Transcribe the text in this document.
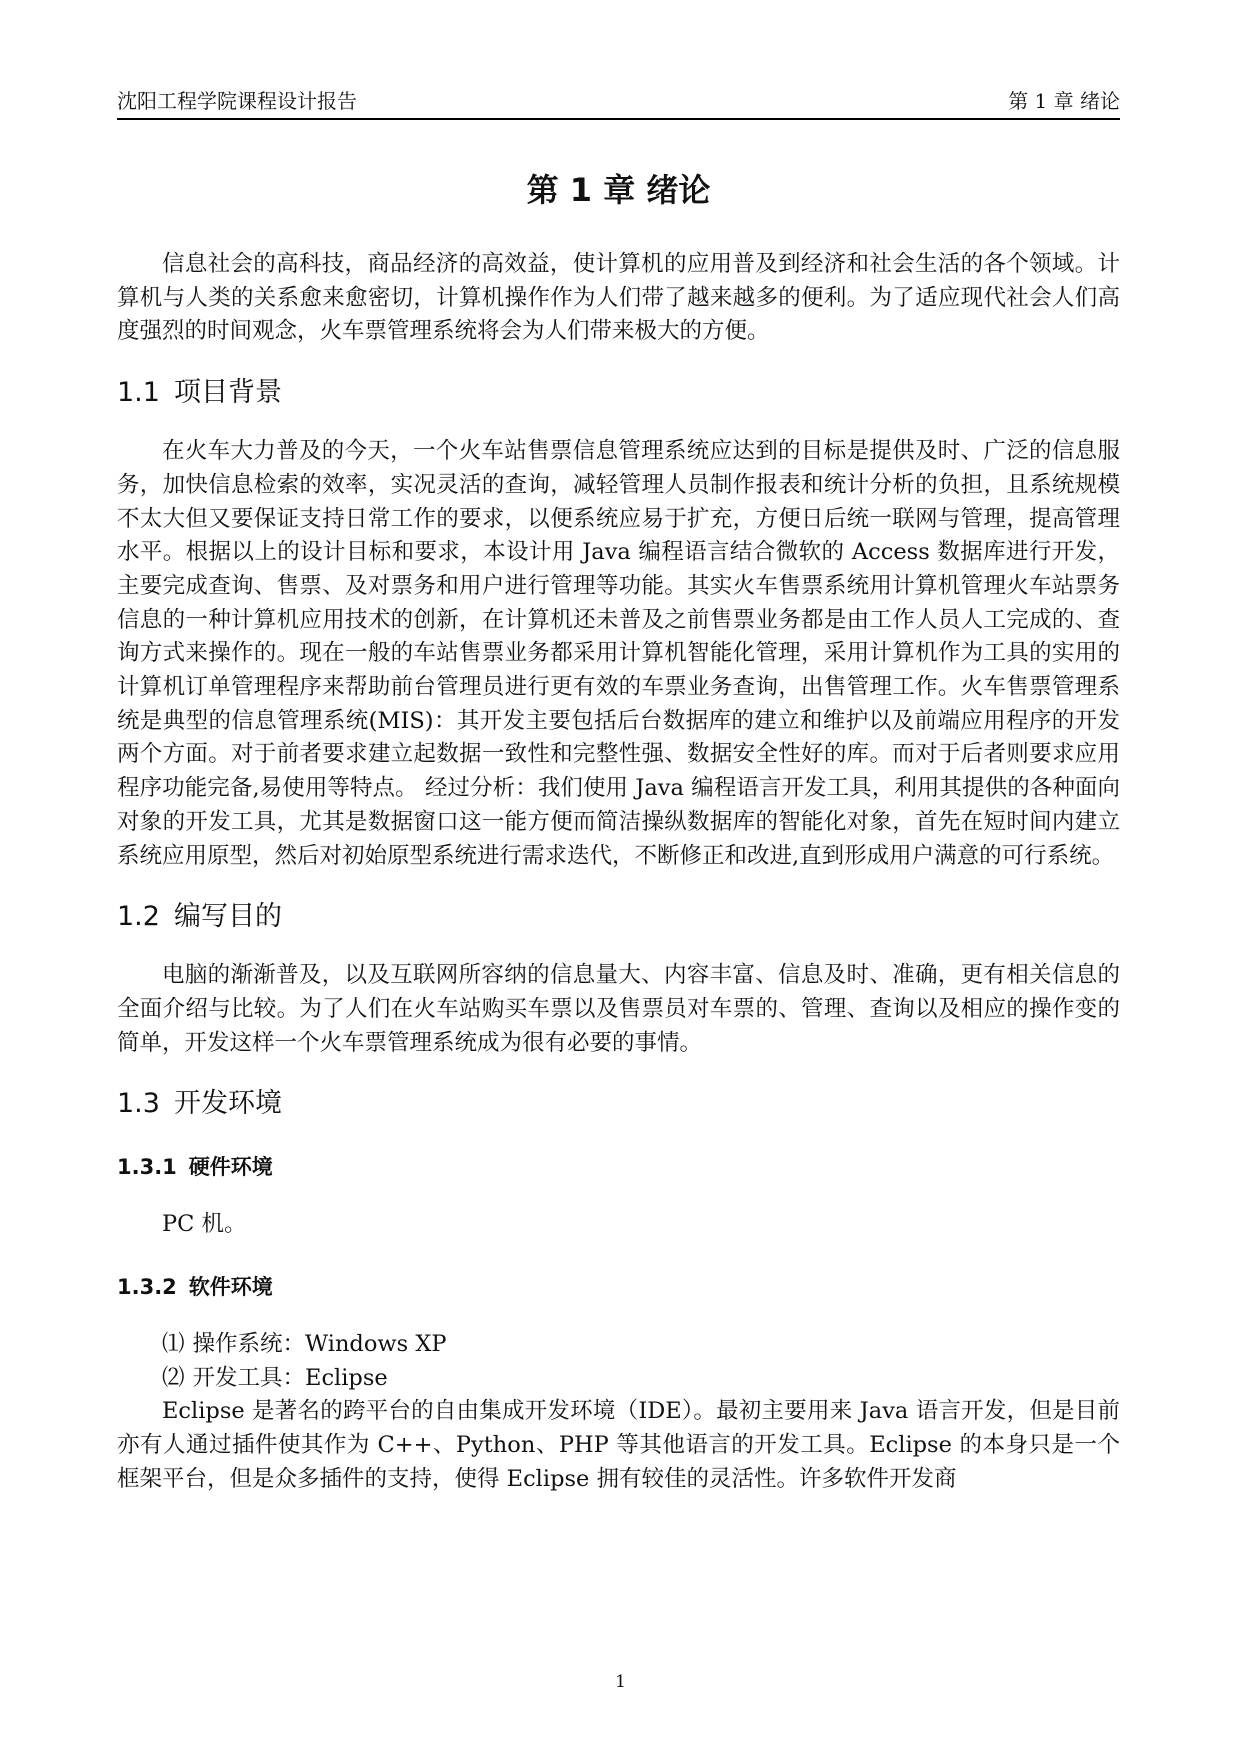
沈阳工程学院课程设计报告	第 1 章 绪论
第 1 章 绪论

信息社会的高科技，商品经济的高效益，使计算机的应用普及到经济和社会生活的各个领域。计算机与人类的关系愈来愈密切，计算机操作作为人们带了越来越多的便利。为了适应现代社会人们高度强烈的时间观念，火车票管理系统将会为人们带来极大的方便。

1.1 项目背景

在火车大力普及的今天，一个火车站售票信息管理系统应达到的目标是提供及时、广泛的信息服务，加快信息检索的效率，实况灵活的查询，减轻管理人员制作报表和统计分析的负担，且系统规模不太大但又要保证支持日常工作的要求，以便系统应易于扩充，方便日后统一联网与管理，提高管理水平。根据以上的设计目标和要求，本设计用 Java 编程语言结合微软的 Access 数据库进行开发，主要完成查询、售票、及对票务和用户进行管理等功能。其实火车售票系统用计算机管理火车站票务信息的一种计算机应用技术的创新，在计算机还未普及之前售票业务都是由工作人员人工完成的、查询方式来操作的。现在一般的车站售票业务都采用计算机智能化管理，采用计算机作为工具的实用的计算机订单管理程序来帮助前台管理员进行更有效的车票业务查询，出售管理工作。火车售票管理系统是典型的信息管理系统(MIS)：其开发主要包括后台数据库的建立和维护以及前端应用程序的开发两个方面。对于前者要求建立起数据一致性和完整性强、数据安全性好的库。而对于后者则要求应用程序功能完备,易使用等特点。 经过分析：我们使用 Java 编程语言开发工具，利用其提供的各种面向对象的开发工具，尤其是数据窗口这一能方便而简洁操纵数据库的智能化对象，首先在短时间内建立系统应用原型，然后对初始原型系统进行需求迭代，不断修正和改进,直到形成用户满意的可行系统。

1.2 编写目的

电脑的渐渐普及，以及互联网所容纳的信息量大、内容丰富、信息及时、准确，更有相关信息的全面介绍与比较。为了人们在火车站购买车票以及售票员对车票的、管理、查询以及相应的操作变的简单，开发这样一个火车票管理系统成为很有必要的事情。

1.3 开发环境
1.3.1 硬件环境

PC 机。

1.3.2 软件环境

⑴ 操作系统：Windows XP

⑵ 开发工具：Eclipse

Eclipse 是著名的跨平台的自由集成开发环境（IDE）。最初主要用来 Java 语言开发，但是目前亦有人通过插件使其作为 C++、Python、PHP 等其他语言的开发工具。Eclipse 的本身只是一个框架平台，但是众多插件的支持，使得 Eclipse 拥有较佳的灵活性。许多软件开发商

1
